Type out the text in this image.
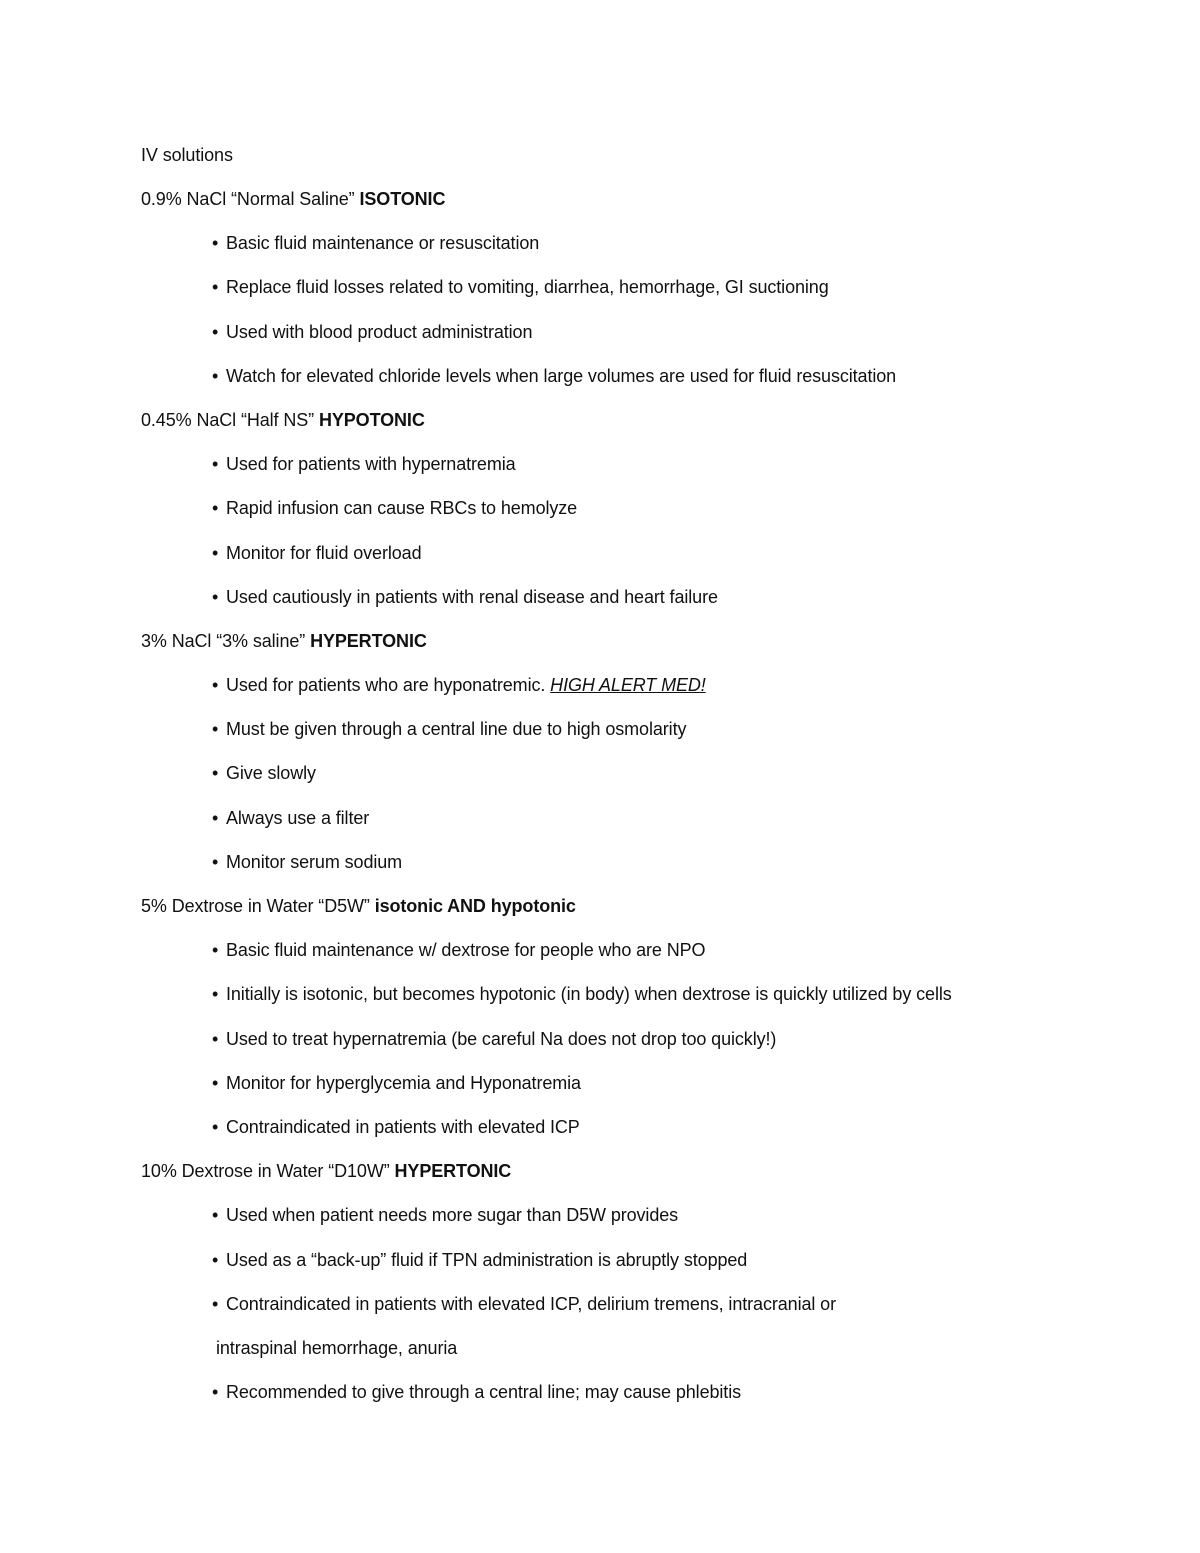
IV solutions
0.9% NaCl “Normal Saline” ISOTONIC
• Basic fluid maintenance or resuscitation
• Replace fluid losses related to vomiting, diarrhea, hemorrhage, GI suctioning
• Used with blood product administration
• Watch for elevated chloride levels when large volumes are used for fluid resuscitation
0.45% NaCl “Half NS” HYPOTONIC
• Used for patients with hypernatremia
• Rapid infusion can cause RBCs to hemolyze
• Monitor for fluid overload
• Used cautiously in patients with renal disease and heart failure
3% NaCl “3% saline” HYPERTONIC
• Used for patients who are hyponatremic. HIGH ALERT MED!
• Must be given through a central line due to high osmolarity
• Give slowly
• Always use a filter
• Monitor serum sodium
5% Dextrose in Water “D5W” isotonic AND hypotonic
• Basic fluid maintenance w/ dextrose for people who are NPO
• Initially is isotonic, but becomes hypotonic (in body) when dextrose is quickly utilized by cells
• Used to treat hypernatremia (be careful Na does not drop too quickly!)
• Monitor for hyperglycemia and Hyponatremia
• Contraindicated in patients with elevated ICP
10% Dextrose in Water “D10W” HYPERTONIC
• Used when patient needs more sugar than D5W provides
• Used as a “back-up” fluid if TPN administration is abruptly stopped
• Contraindicated in patients with elevated ICP, delirium tremens, intracranial or
intraspinal hemorrhage, anuria
• Recommended to give through a central line; may cause phlebitis
